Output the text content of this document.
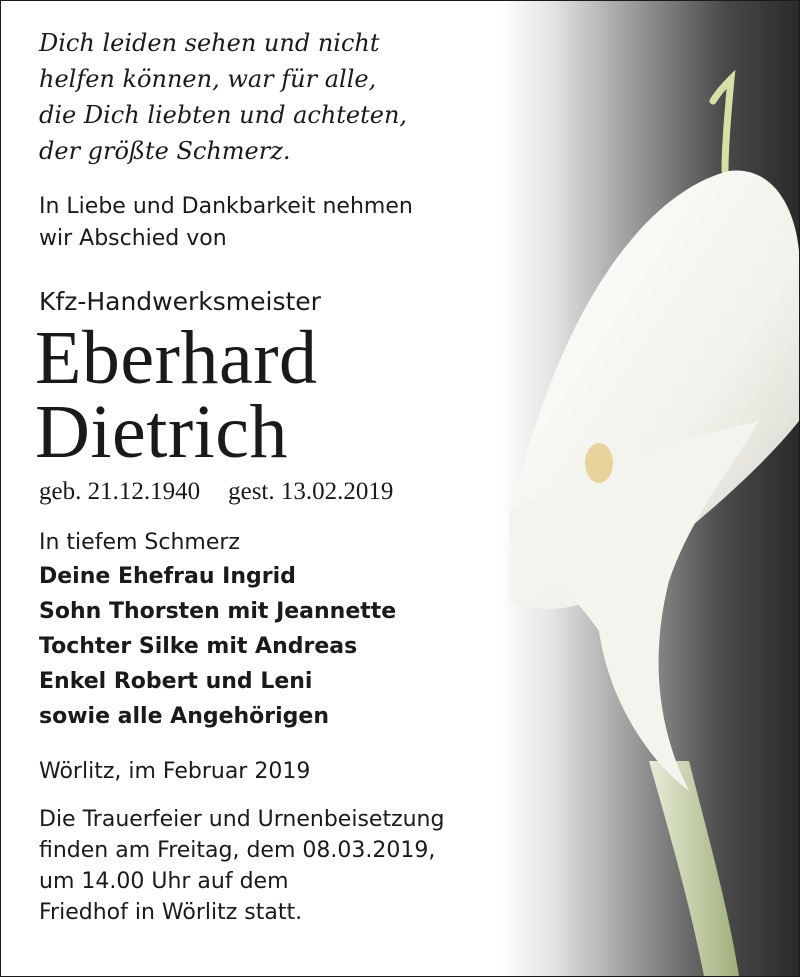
Dich leiden sehen und nicht
helfen können, war für alle,
die Dich liebten und achteten,
der größte Schmerz.

In Liebe und Dankbarkeit nehmen
wir Abschied von

Kfz-Handwerksmeister

Eberhard
Dietrich

geb. 21.12.1940 gest. 13.02.2019

In tiefem Schmerz

Deine Ehefrau Ingrid
Sohn Thorsten mit Jeannette
Tochter Silke mit Andreas
Enkel Robert und Leni
sowie alle Angehörigen

Wörlitz, im Februar 2019

Die Trauerfeier und Urnenbeisetzung
finden am Freitag, dem 08.03.2019,
um 14.00 Uhr auf dem
Friedhof in Wörlitz statt.
